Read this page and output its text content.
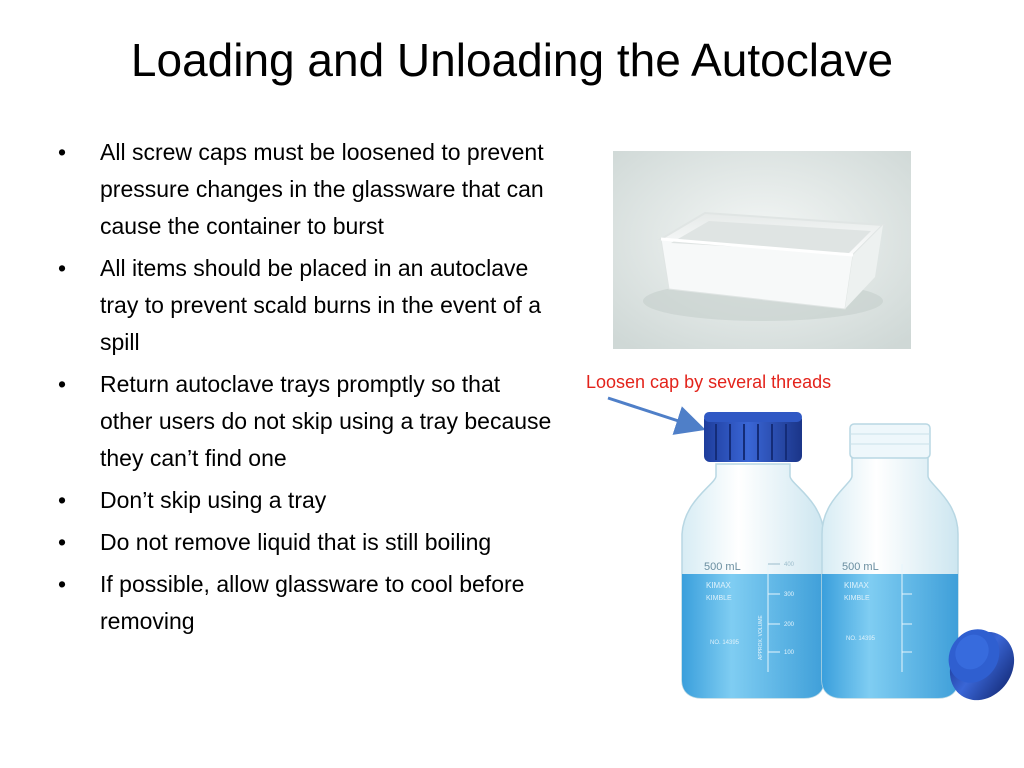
Loading and Unloading the Autoclave
• All screw caps must be loosened to prevent pressure changes in the glassware that can cause the container to burst
• All items should be placed in an autoclave tray to prevent scald burns in the event of a spill
• Return autoclave trays promptly so that other users do not skip using a tray because they can’t find one
• Don’t skip using a tray
• Do not remove liquid that is still boiling
• If possible, allow glassware to cool before removing
Loosen cap by several threads
500 mL
KIMAX
KIMBLE
NO. 14395
400
300
200
100
APPROX. VOLUME
500 mL
KIMAX
KIMBLE
NO. 14395
